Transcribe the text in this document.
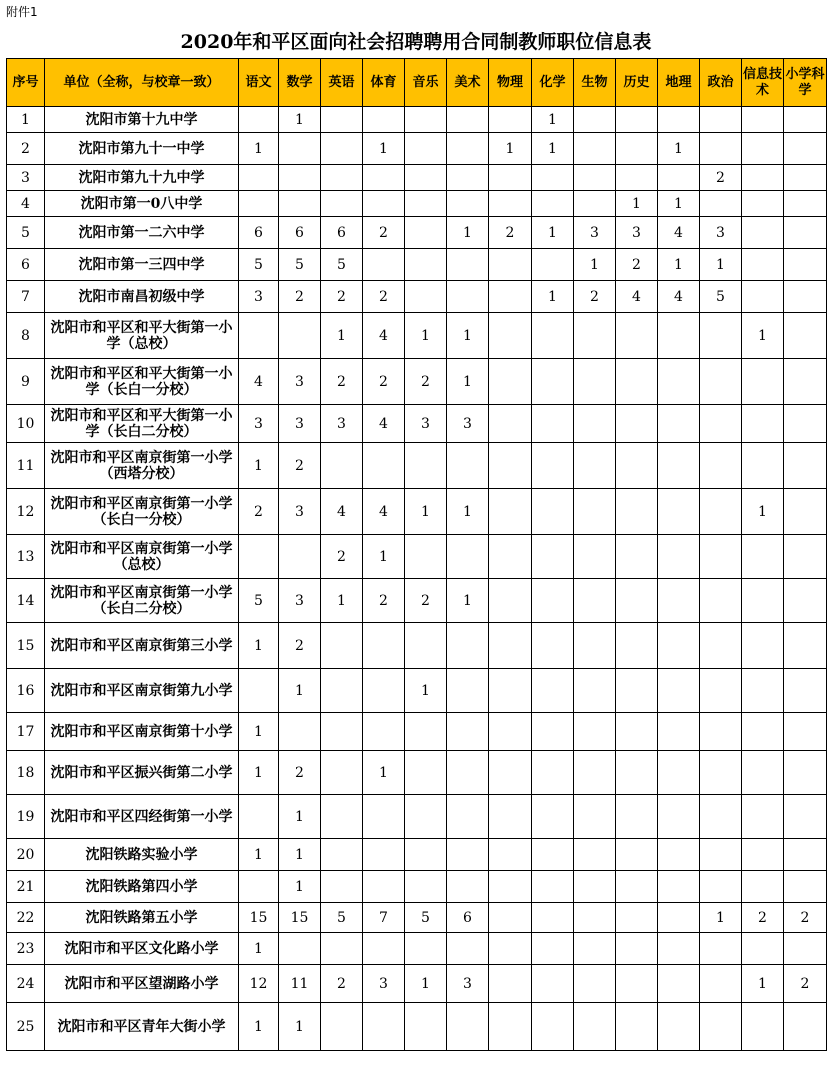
附件1
2020年和平区面向社会招聘聘用合同制教师职位信息表
序号	单位（全称，与校章一致）	语文	数学	英语	体育	音乐	美术	物理	化学	生物	历史	地理	政治	信息技术	小学科学
1	沈阳市第十九中学		1						1						
2	沈阳市第九十一中学	1			1			1	1			1			
3	沈阳市第九十九中学												2		
4	沈阳市第一0八中学										1	1			
5	沈阳市第一二六中学	6	6	6	2		1	2	1	3	3	4	3		
6	沈阳市第一三四中学	5	5	5						1	2	1	1		
7	沈阳市南昌初级中学	3	2	2	2				1	2	4	4	5		
8	沈阳市和平区和平大街第一小学（总校）			1	4	1	1							1	
9	沈阳市和平区和平大街第一小学（长白一分校）	4	3	2	2	2	1								
10	沈阳市和平区和平大街第一小学（长白二分校）	3	3	3	4	3	3								
11	沈阳市和平区南京街第一小学（西塔分校）	1	2												
12	沈阳市和平区南京街第一小学（长白一分校）	2	3	4	4	1	1							1	
13	沈阳市和平区南京街第一小学（总校）			2	1										
14	沈阳市和平区南京街第一小学（长白二分校）	5	3	1	2	2	1								
15	沈阳市和平区南京街第三小学	1	2												
16	沈阳市和平区南京街第九小学		1			1									
17	沈阳市和平区南京街第十小学	1													
18	沈阳市和平区振兴街第二小学	1	2		1										
19	沈阳市和平区四经街第一小学		1												
20	沈阳铁路实验小学	1	1												
21	沈阳铁路第四小学		1												
22	沈阳铁路第五小学	15	15	5	7	5	6						1	2	2
23	沈阳市和平区文化路小学	1													
24	沈阳市和平区望湖路小学	12	11	2	3	1	3							1	2
25	沈阳市和平区青年大街小学	1	1												
